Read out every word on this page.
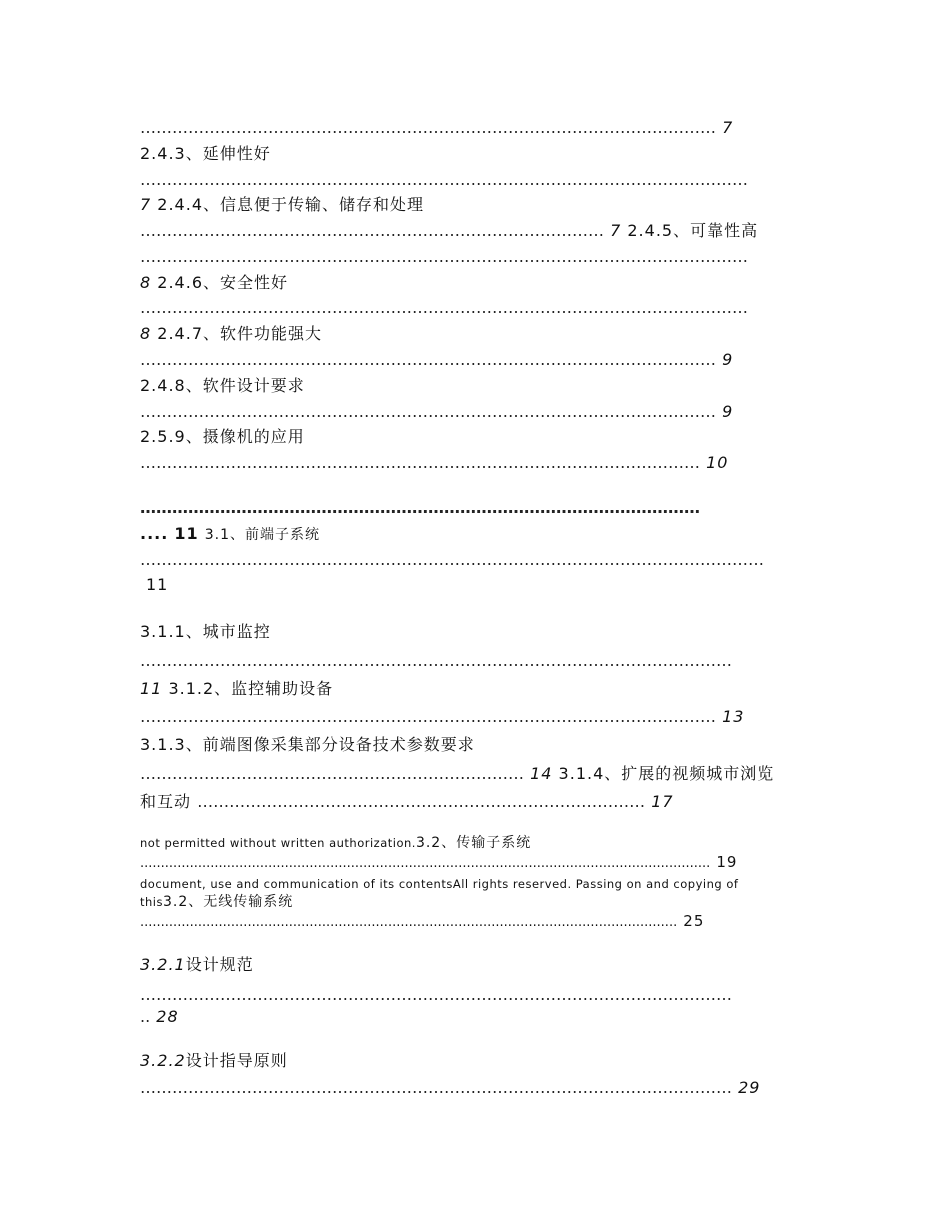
……………………………………………………………………………………………… 7
2.4.3、延伸性好
……………………………………………………………………………………………………
7 2.4.4、信息便于传输、储存和处理
…………………………………………………………………………… 7 2.4.5、可靠性高
……………………………………………………………………………………………………
8 2.4.6、安全性好
……………………………………………………………………………………………………
8 2.4.7、软件功能强大
……………………………………………………………………………………………… 9
2.4.8、软件设计要求
……………………………………………………………………………………………… 9
2.5.9、摄像机的应用
…………………………………………………………………………………………… 10
……………………………………………………………………………………………
.... 11 3.1、前端子系统
………………………………………………………………………………………………………
11
3.1.1、城市监控
…………………………………………………………………………………………………
11 3.1.2、监控辅助设备
……………………………………………………………………………………………… 13
3.1.3、前端图像采集部分设备技术参数要求
……………………………………………………………… 14 3.1.4、扩展的视频城市浏览
和互动 ………………………………………………………………………… 17
not permitted without written authorization.3.2、传输子系统
.......................................................................................................................................... 19
document, use and communication of its contentsAll rights reserved. Passing on and copying of
this3.2、无线传输系统
.................................................................................................................................. 25
3.2.1设计规范
…………………………………………………………………………………………………
.. 28
3.2.2设计指导原则
………………………………………………………………………………………………… 29
